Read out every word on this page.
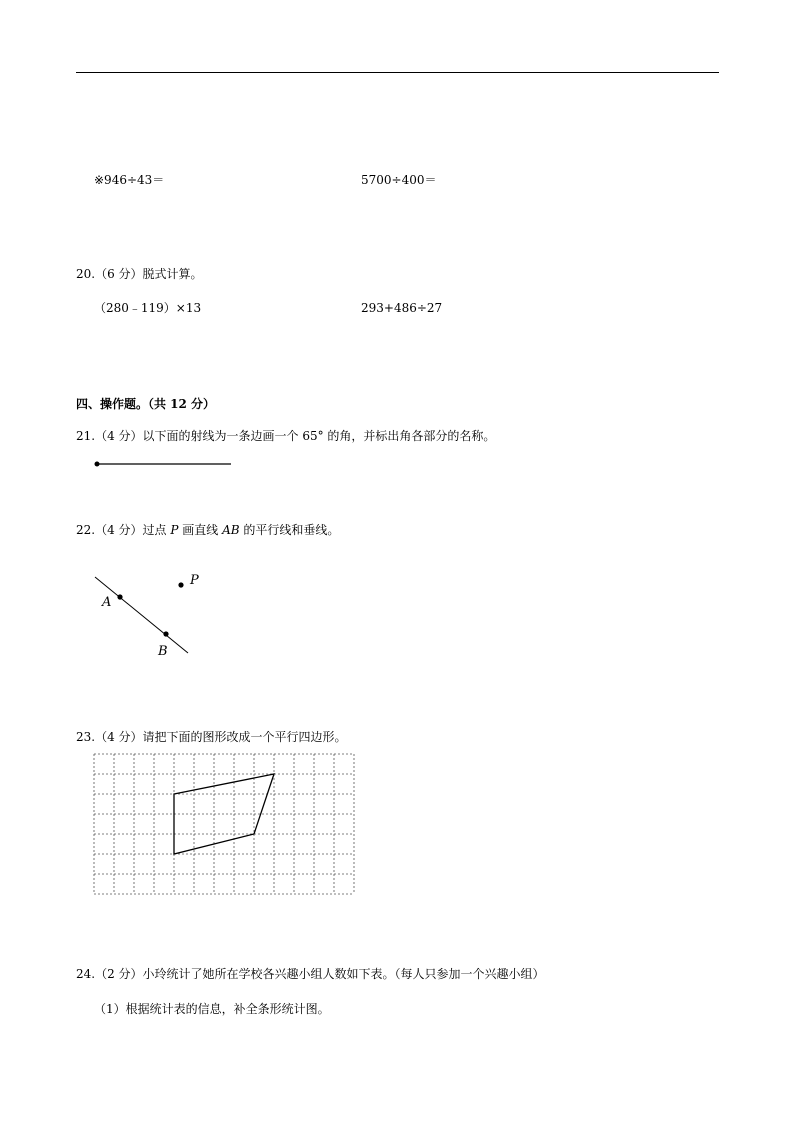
※946÷43＝	5700÷400＝
20.（6 分）脱式计算。
（280﹣119）×13	293+486÷27
四、操作题。（共 12 分）
21.（4 分）以下面的射线为一条边画一个 65° 的角，并标出角各部分的名称。
22.（4 分）过点 P 画直线 AB 的平行线和垂线。
A
B
P
23.（4 分）请把下面的图形改成一个平行四边形。
24.（2 分）小玲统计了她所在学校各兴趣小组人数如下表。（每人只参加一个兴趣小组）
（1）根据统计表的信息，补全条形统计图。
